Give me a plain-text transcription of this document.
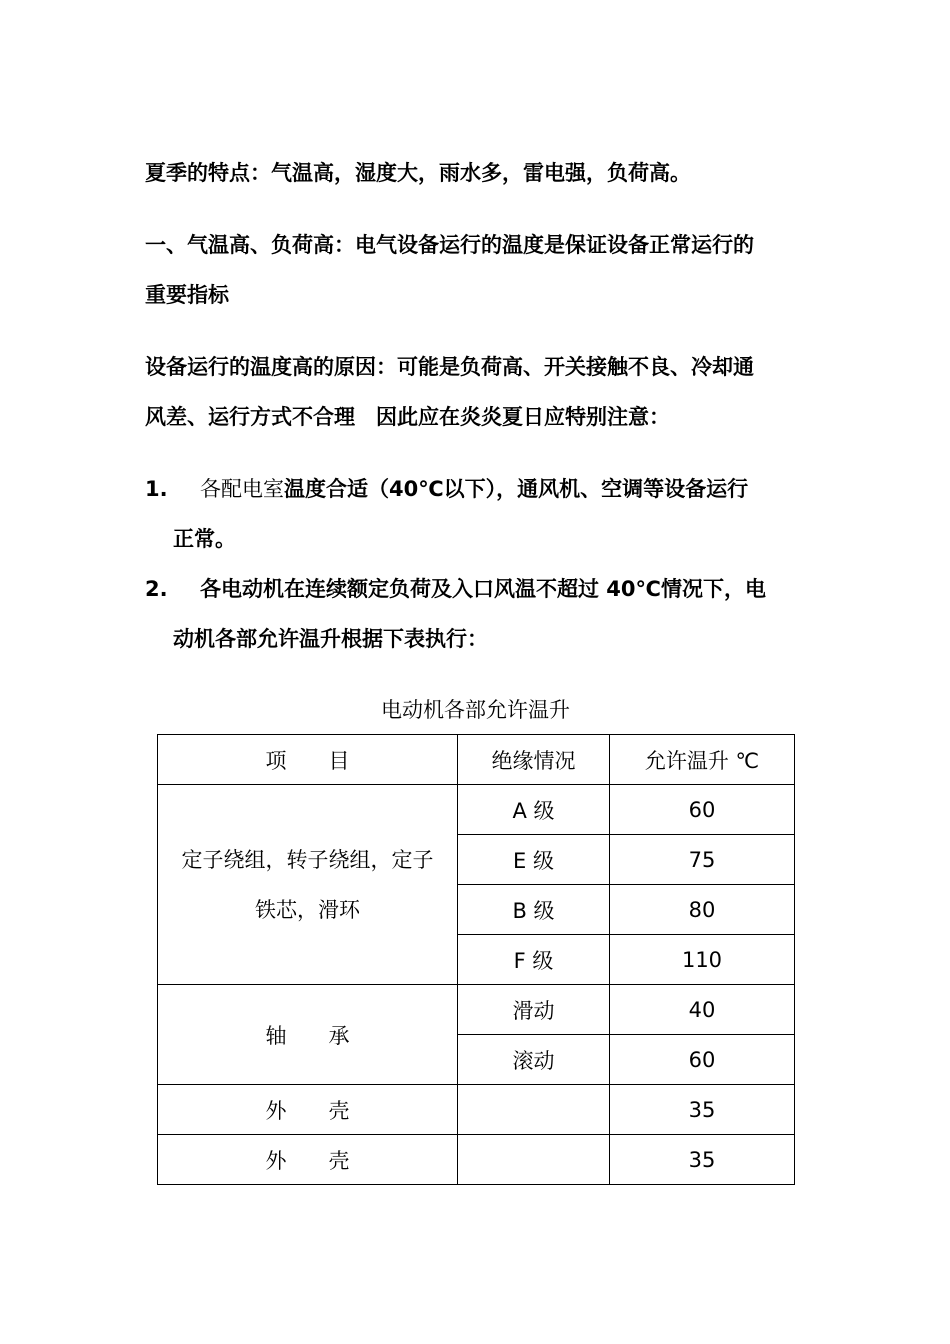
夏季的特点：气温高，湿度大，雨水多，雷电强，负荷高。

一、气温高、负荷高：电气设备运行的温度是保证设备正常运行的

重要指标

设备运行的温度高的原因：可能是负荷高、开关接触不良、冷却通

风差、运行方式不合理　因此应在炎炎夏日应特别注意：

1. 各配电室温度合适（40℃以下），通风机、空调等设备运行

正常。

2. 各电动机在连续额定负荷及入口风温不超过 40℃情况下，电

动机各部允许温升根据下表执行：

电动机各部允许温升

项　　目	绝缘情况	允许温升 ℃

定子绕组，转子绕组，定子
铁芯，滑环	A 级	60
	E 级	75
	B 级	80
	F 级	110
轴　　承	滑动	40
	滚动	60
外　　壳		35
外　　壳		35
